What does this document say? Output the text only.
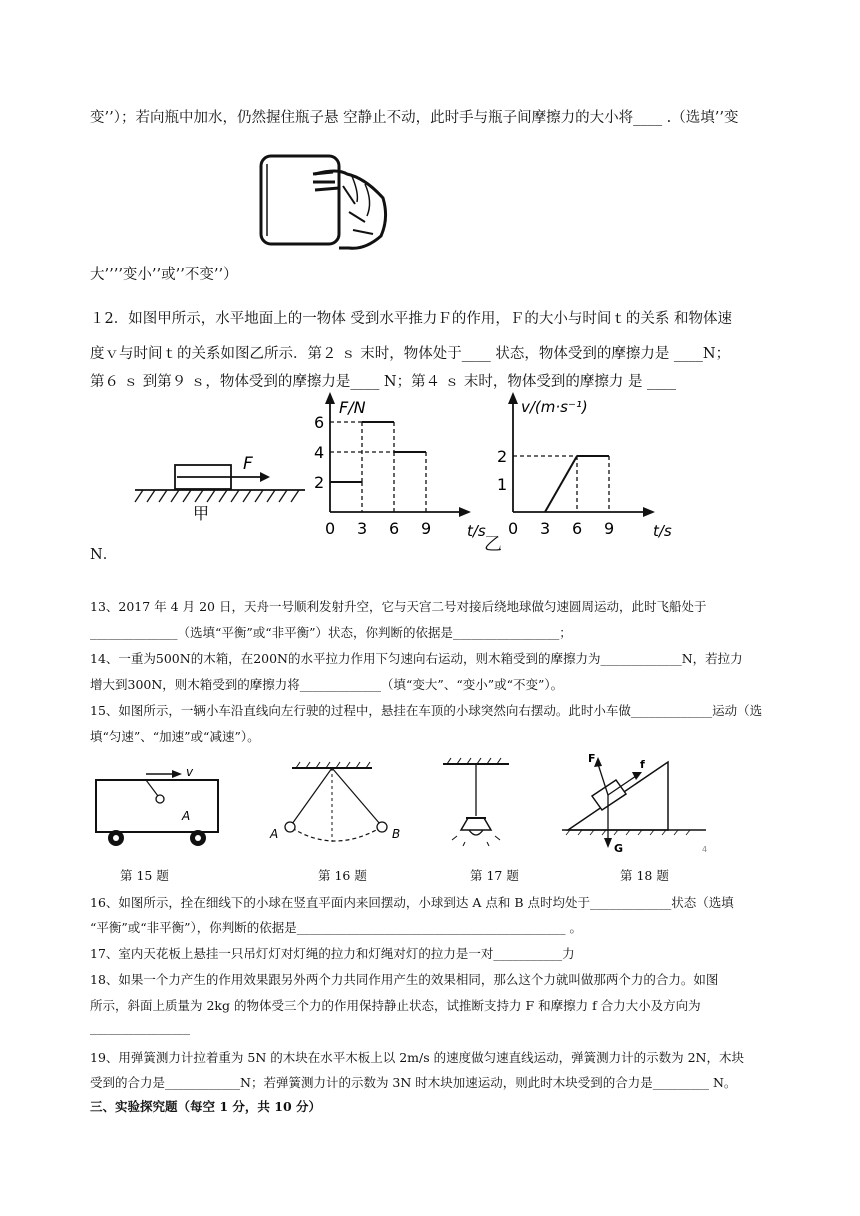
变’’）；若向瓶中加水，仍然握住瓶子悬 空静止不动，此时手与瓶子间摩擦力的大小将____ .（选填’’变
大’’’’变小’’或’’不变’’）
１2．如图甲所示，水平地面上的一物体 受到水平推力Ｆ的作用，Ｆ的大小与时间ｔ的关系 和物体速
度ｖ与时间ｔ的关系如图乙所示．第２ ｓ 末时，物体处于____ 状态，物体受到的摩擦力是 ____N；
第６ ｓ 到第９ ｓ，物体受到的摩擦力是____ N；第４ ｓ 末时，物体受到的摩擦力 是 ____
F
甲
F/N
t/s
0 3 6 9
6
4
2
v/(m·s⁻¹)
t/s
0 3 6 9
2
1
乙
N．
13、2017 年 4 月 20 日，天舟一号顺利发射升空，它与天宫二号对接后绕地球做匀速圆周运动，此时飞船处于
______________（选填“平衡”或“非平衡”）状态，你判断的依据是_________________；
14、一重为500N的木箱，在200N的水平拉力作用下匀速向右运动，则木箱受到的摩擦力为_____________N，若拉力
增大到300N，则木箱受到的摩擦力将_____________（填“变大”、“变小”或“不变”）。
15、如图所示，一辆小车沿直线向左行驶的过程中，悬挂在车顶的小球突然向右摆动。此时小车做_____________运动（选
填“匀速”、“加速”或“减速”）。
v
A
A	B
F	f
G	4
第 15 题	第 16 题	第 17 题	第 18 题
16、如图所示，拴在细线下的小球在竖直平面内来回摆动，小球到达 A 点和 B 点时均处于_____________状态（选填
“平衡”或“非平衡”），你判断的依据是___________________________________________ 。
17、室内天花板上悬挂一只吊灯灯对灯绳的拉力和灯绳对灯的拉力是一对___________力
18、如果一个力产生的作用效果跟另外两个力共同作用产生的效果相同，那么这个力就叫做那两个力的合力。如图
所示，斜面上质量为 2kg 的物体受三个力的作用保持静止状态，试推断支持力 F 和摩擦力 f 合力大小及方向为
________________
19、用弹簧测力计拉着重为 5N 的木块在水平木板上以 2m/s 的速度做匀速直线运动，弹簧测力计的示数为 2N，木块
受到的合力是____________N；若弹簧测力计的示数为 3N 时木块加速运动，则此时木块受到的合力是_________ N。
三、实验探究题（每空 1 分，共 10 分）
